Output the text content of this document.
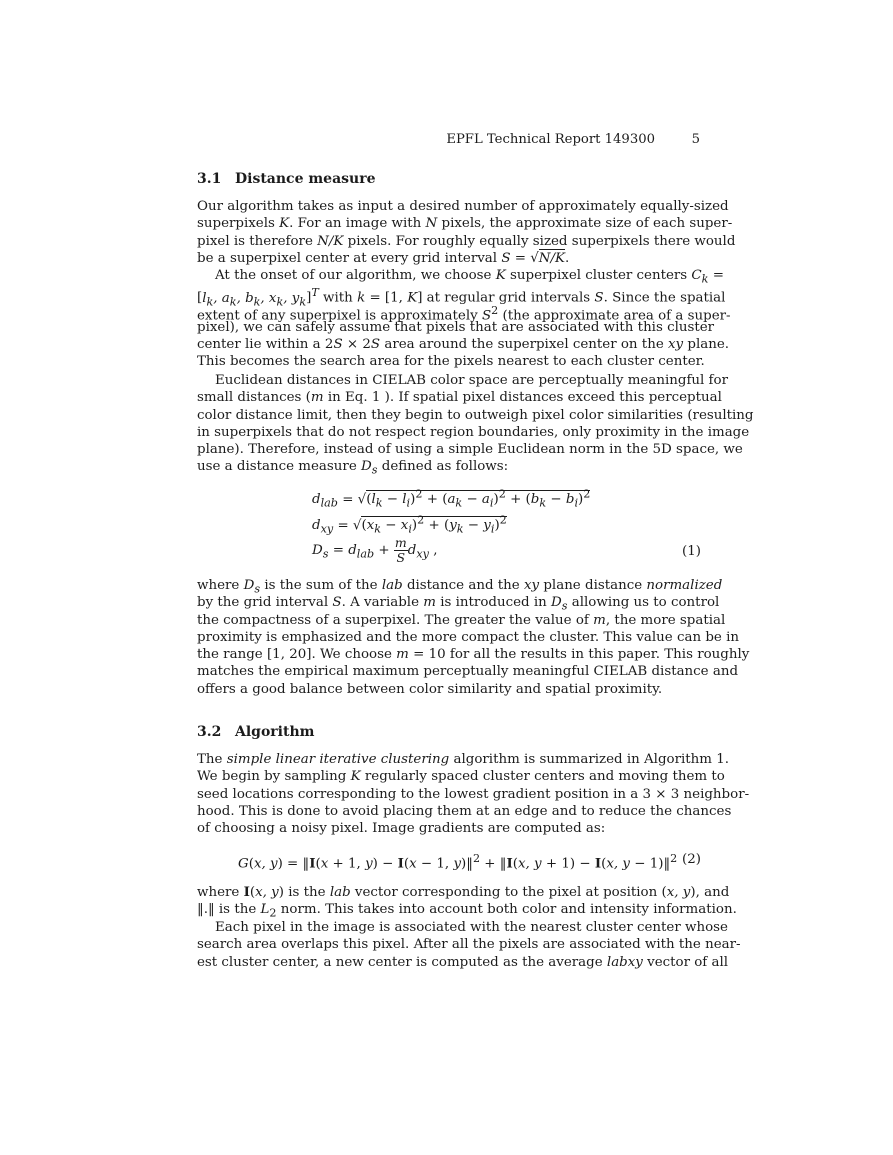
EPFL Technical Report 149300	5
3.1 Distance measure
Our algorithm takes as input a desired number of approximately equally-sized
superpixels K. For an image with N pixels, the approximate size of each super-
pixel is therefore N/K pixels. For roughly equally sized superpixels there would
be a superpixel center at every grid interval S = √N/K.
At the onset of our algorithm, we choose K superpixel cluster centers $C_k$ =
[$l_k$, $a_k$, $b_k$, $x_k$, $y_k]^T$ with k = [1, K] at regular grid intervals S. Since the spatial
extent of any superpixel is approximately $S^2$ (the approximate area of a super-
pixel), we can safely assume that pixels that are associated with this cluster
center lie within a 2S × 2S area around the superpixel center on the xy plane.
This becomes the search area for the pixels nearest to each cluster center.
Euclidean distances in CIELAB color space are perceptually meaningful for
small distances (m in Eq. 1 ). If spatial pixel distances exceed this perceptual
color distance limit, then they begin to outweigh pixel color similarities (resulting
in superpixels that do not respect region boundaries, only proximity in the image
plane). Therefore, instead of using a simple Euclidean norm in the 5D space, we
use a distance measure $D_s$ defined as follows:
$d_{lab} = √(l_k - l_i)^2 + (a_k - a_i)^2 + (b_k - b_i)^2$
$d_{xy} = √(x_k - x_i)^2 + (y_k - y_i)^2$
$D_s = d_{lab} + \frac{m}{S} d_{xy}$ ,	(1)
where $D_s$ is the sum of the lab distance and the xy plane distance normalized
by the grid interval S. A variable m is introduced in $D_s$ allowing us to control
the compactness of a superpixel. The greater the value of m, the more spatial
proximity is emphasized and the more compact the cluster. This value can be in
the range [1, 20]. We choose m = 10 for all the results in this paper. This roughly
matches the empirical maximum perceptually meaningful CIELAB distance and
offers a good balance between color similarity and spatial proximity.
3.2 Algorithm
The simple linear iterative clustering algorithm is summarized in Algorithm 1.
We begin by sampling K regularly spaced cluster centers and moving them to
seed locations corresponding to the lowest gradient position in a 3 × 3 neighbor-
hood. This is done to avoid placing them at an edge and to reduce the chances
of choosing a noisy pixel. Image gradients are computed as:
G(x, y) = ‖I(x + 1, y) − I(x − 1, y)‖$^2$ + ‖I(x, y + 1) − I(x, y − 1)‖$^2$ (2)
where I(x, y) is the lab vector corresponding to the pixel at position (x, y), and
‖.‖ is the $L_2$ norm. This takes into account both color and intensity information.
Each pixel in the image is associated with the nearest cluster center whose
search area overlaps this pixel. After all the pixels are associated with the near-
est cluster center, a new center is computed as the average labxy vector of all
